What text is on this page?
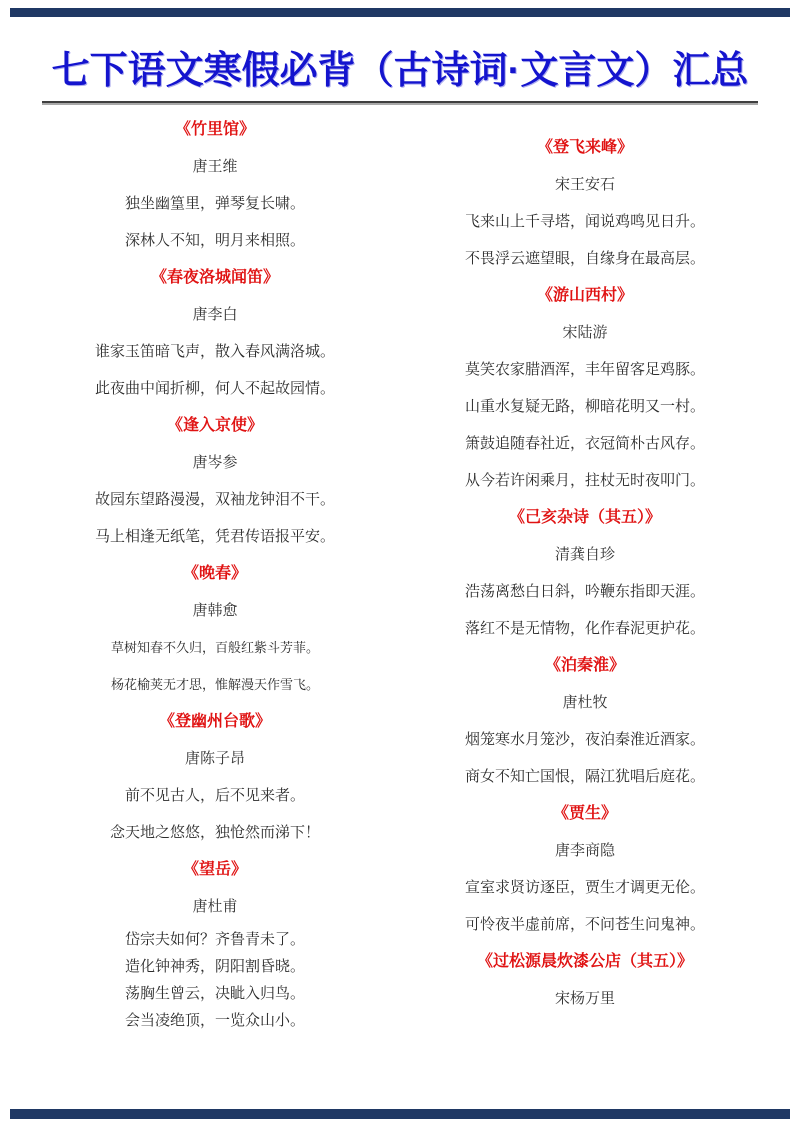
七下语文寒假必背（古诗词·文言文）汇总
《竹里馆》
唐王维

独坐幽篁里，弹琴复长啸。

深林人不知，明月来相照。

《春夜洛城闻笛》
唐李白

谁家玉笛暗飞声，散入春风满洛城。

此夜曲中闻折柳，何人不起故园情。

《逢入京使》
唐岑参

故园东望路漫漫，双袖龙钟泪不干。

马上相逢无纸笔，凭君传语报平安。

《晚春》
唐韩愈

草树知春不久归，百般红紫斗芳菲。

杨花榆荚无才思，惟解漫天作雪飞。

《登幽州台歌》
唐陈子昂

前不见古人，后不见来者。

念天地之悠悠，独怆然而涕下！

《望岳》
唐杜甫

岱宗夫如何？齐鲁青未了。

造化钟神秀，阴阳割昏晓。

荡胸生曾云，决眦入归鸟。

会当凌绝顶，一览众山小。

《登飞来峰》
宋王安石

飞来山上千寻塔，闻说鸡鸣见日升。

不畏浮云遮望眼，自缘身在最高层。

《游山西村》
宋陆游

莫笑农家腊酒浑，丰年留客足鸡豚。

山重水复疑无路，柳暗花明又一村。

箫鼓追随春社近，衣冠简朴古风存。

从今若许闲乘月，拄杖无时夜叩门。

《己亥杂诗（其五）》
清龚自珍

浩荡离愁白日斜，吟鞭东指即天涯。

落红不是无情物，化作春泥更护花。

《泊秦淮》
唐杜牧

烟笼寒水月笼沙，夜泊秦淮近酒家。

商女不知亡国恨，隔江犹唱后庭花。

《贾生》
唐李商隐

宣室求贤访逐臣，贾生才调更无伦。

可怜夜半虚前席，不问苍生问鬼神。

《过松源晨炊漆公店（其五）》
宋杨万里
